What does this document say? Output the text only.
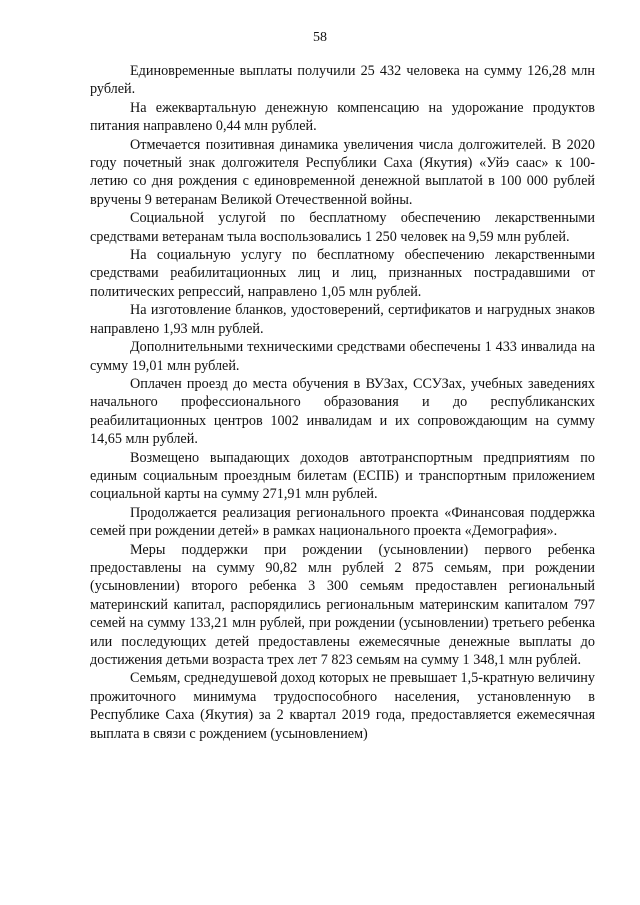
58

Единовременные выплаты получили 25 432 человека на сумму 126,28 млн рублей.

На ежеквартальную денежную компенсацию на удорожание продуктов питания направлено 0,44 млн рублей.

Отмечается позитивная динамика увеличения числа долгожителей. В 2020 году почетный знак долгожителя Республики Саха (Якутия) «Уйэ саас» к 100-летию со дня рождения с единовременной денежной выплатой в 100 000 рублей вручены 9 ветеранам Великой Отечественной войны.

Социальной услугой по бесплатному обеспечению лекарственными средствами ветеранам тыла воспользовались 1 250 человек на 9,59 млн рублей.

На социальную услугу по бесплатному обеспечению лекарственными средствами реабилитационных лиц и лиц, признанных пострадавшими от политических репрессий, направлено 1,05 млн рублей.

На изготовление бланков, удостоверений, сертификатов и нагрудных знаков направлено 1,93 млн рублей.

Дополнительными техническими средствами обеспечены 1 433 инвалида на сумму 19,01 млн рублей.

Оплачен проезд до места обучения в ВУЗах, ССУЗах, учебных заведениях начального профессионального образования и до республиканских реабилитационных центров 1002 инвалидам и их сопровождающим на сумму 14,65 млн рублей.

Возмещено выпадающих доходов автотранспортным предприятиям по единым социальным проездным билетам (ЕСПБ) и транспортным приложением социальной карты на сумму 271,91 млн рублей.

Продолжается реализация регионального проекта «Финансовая поддержка семей при рождении детей» в рамках национального проекта «Демография».

Меры поддержки при рождении (усыновлении) первого ребенка предоставлены на сумму 90,82 млн рублей 2 875 семьям, при рождении (усыновлении) второго ребенка 3 300 семьям предоставлен региональный материнский капитал, распорядились региональным материнским капиталом 797 семей на сумму 133,21 млн рублей, при рождении (усыновлении) третьего ребенка или последующих детей предоставлены ежемесячные денежные выплаты до достижения детьми возраста трех лет 7 823 семьям на сумму 1 348,1 млн рублей.

Семьям, среднедушевой доход которых не превышает 1,5-кратную величину прожиточного минимума трудоспособного населения, установленную в Республике Саха (Якутия) за 2 квартал 2019 года, предоставляется ежемесячная выплата в связи с рождением (усыновлением)
